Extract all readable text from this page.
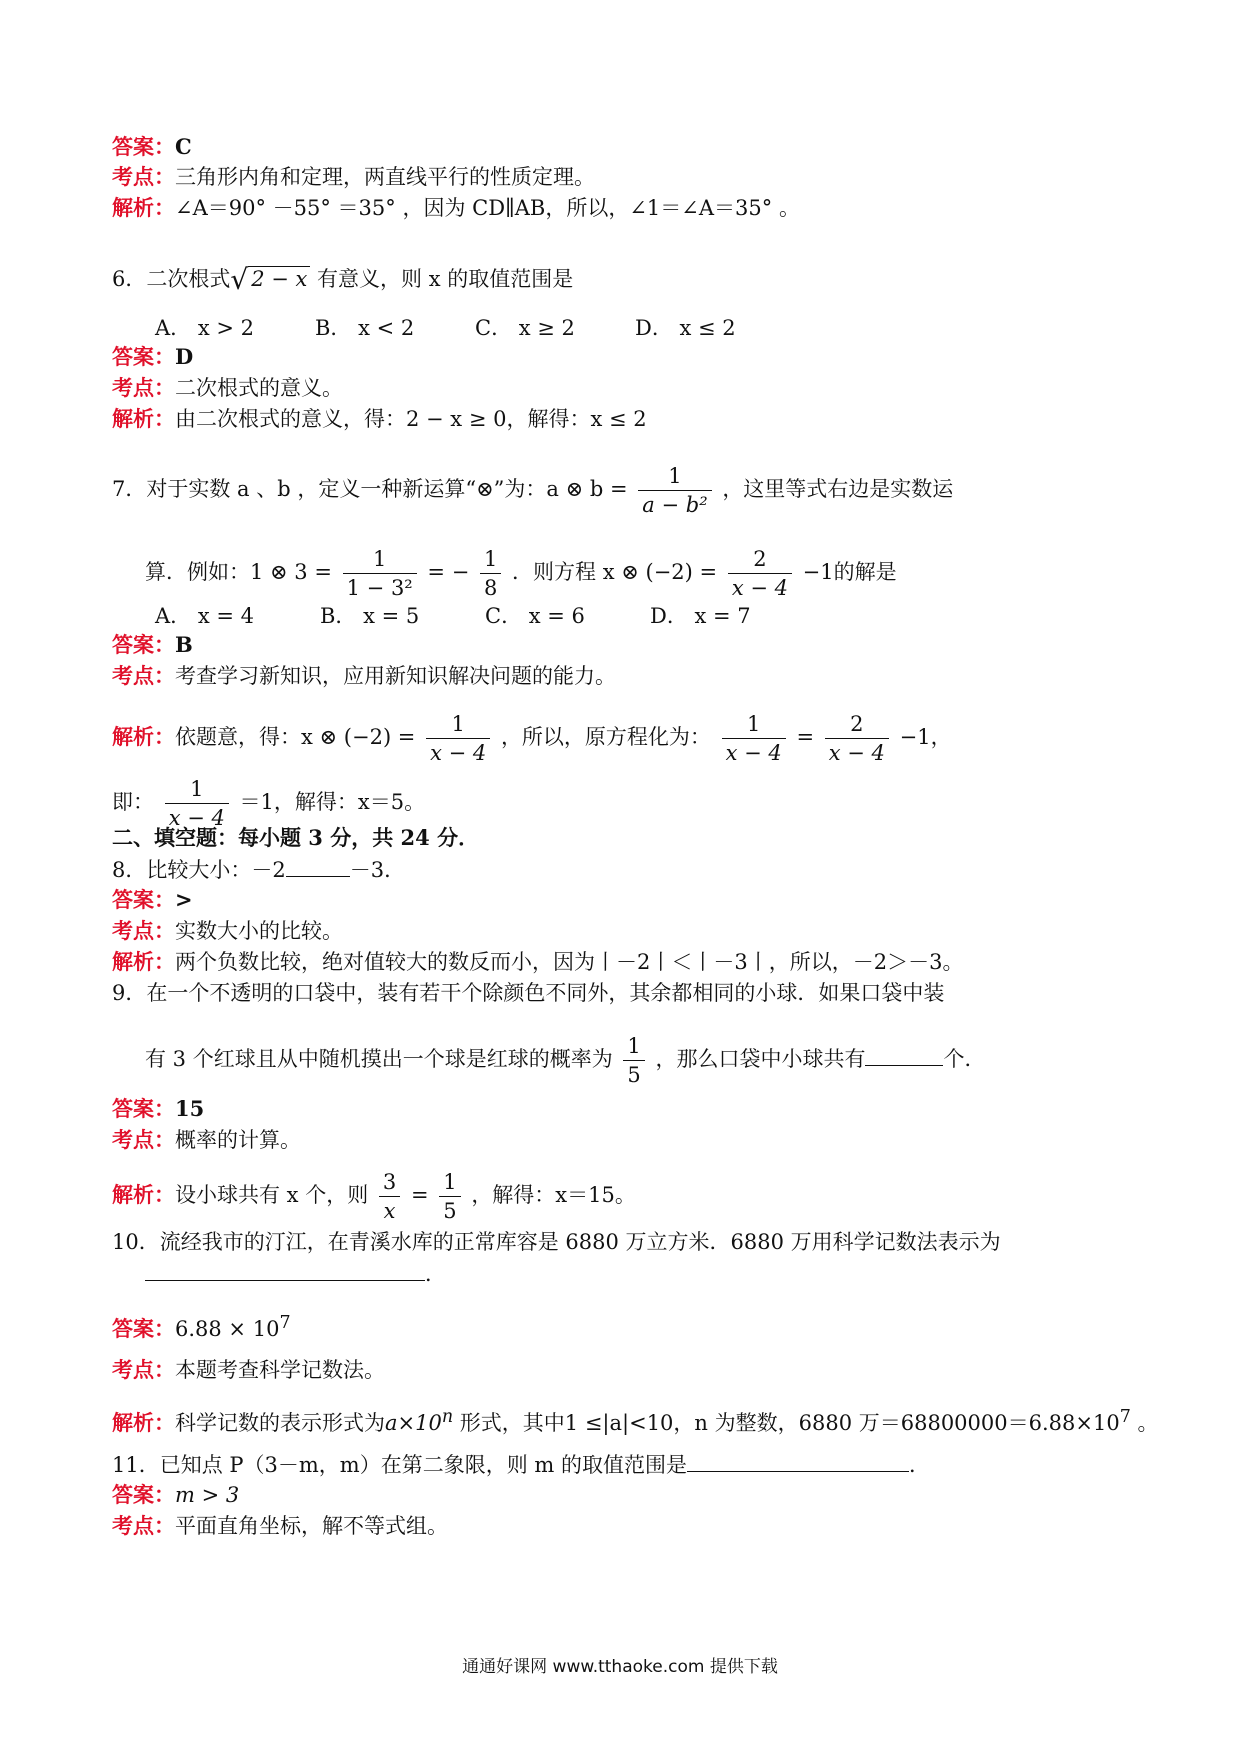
答案：C
考点：三角形内角和定理，两直线平行的性质定理。
解析：∠A＝90° －55° ＝35° ，因为 CD∥AB，所以，∠1＝∠A＝35° 。
6．二次根式√ 2 − x 有意义，则 x 的取值范围是
A． x > 2	B． x < 2	C． x ≥ 2	D． x ≤ 2
答案：D
考点：二次根式的意义。
解析：由二次根式的意义，得：2 − x ≥ 0，解得：x ≤ 2
7．对于实数 a 、b ，定义一种新运算“⊗”为：a ⊗ $b = \frac{1}{\text{a − b²}}$ ，这里等式右边是实数运
算．例如：1 ⊗ $3 = \frac{1}{\text{1 − 3²}}$ = − $\frac{1}{8}$ ．则方程 x ⊗ $(-2) = \frac{2}{x - 4} -1$的解是
A． x = 4	B． x = 5	C． x = 6	D． x = 7
答案：B
考点：考查学习新知识，应用新知识解决问题的能力。
解析：依题意，得：x ⊗ $(-2) = \frac{1}{x - 4}$ ，所以，原方程化为： $\frac{1}{x - 4} = \frac{2}{x - 4} -1$，
即： $\frac{1}{x - 4} =1$，解得：x＝5。
二、填空题：每小题 3 分，共 24 分．
8．比较大小：－2	－3．
答案：>
考点：实数大小的比较。
解析：两个负数比较，绝对值较大的数反而小，因为丨－2丨＜丨－3丨，所以，－2＞－3。
9．在一个不透明的口袋中，装有若干个除颜色不同外，其余都相同的小球．如果口袋中装
有 3 个红球且从中随机摸出一个球是红球的概率为 $\frac{1}{5}$ ，那么口袋中小球共有	个．
答案：15
考点：概率的计算。
解析：设小球共有 x 个，则 $\frac{3}{x} = \frac{1}{5}$ ，解得：x＝15。
10．流经我市的汀江，在青溪水库的正常库容是 6880 万立方米．6880 万用科学记数法表示为
．
答案：$6.88 \times 10^7$
考点：本题考查科学记数法。
解析：科学记数的表示形式为$a\times 10^n$ 形式，其中1 ≤|a|<10，n 为整数，6880 万$=68800000=6.88\times 10^7$ 。
11．已知点 P（3－m，m）在第二象限，则 m 的取值范围是	．
答案：m > 3
考点：平面直角坐标，解不等式组。
通通好课网 www.tthaoke.com 提供下载
